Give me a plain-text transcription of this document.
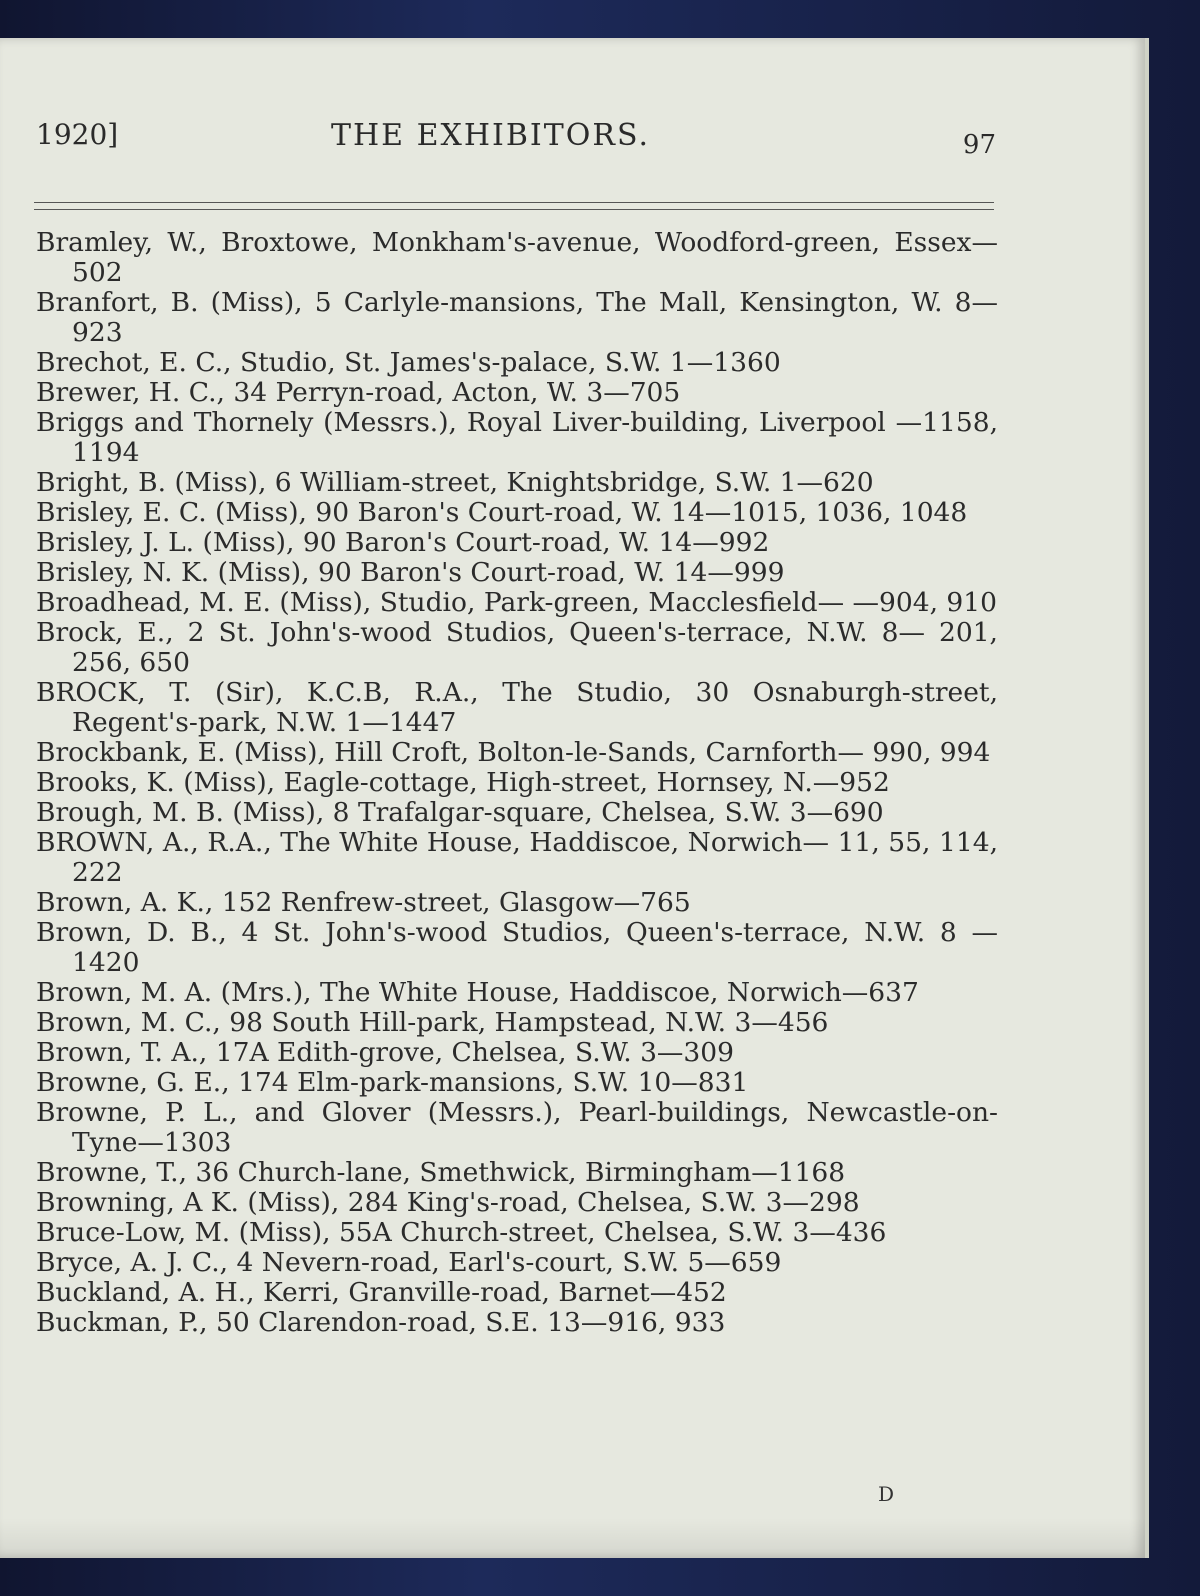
1920]	THE EXHIBITORS.	97

Bramley, W., Broxtowe, Monkham's-avenue, Woodford-green, Essex—502

Branfort, B. (Miss), 5 Carlyle-mansions, The Mall, Kensington, W. 8—923

Brechot, E. C., Studio, St. James's-palace, S.W. 1—1360

Brewer, H. C., 34 Perryn-road, Acton, W. 3—705

Briggs and Thornely (Messrs.), Royal Liver-building, Liverpool —1158, 1194

Bright, B. (Miss), 6 William-street, Knightsbridge, S.W. 1—620

Brisley, E. C. (Miss), 90 Baron's Court-road, W. 14—1015, 1036, 1048

Brisley, J. L. (Miss), 90 Baron's Court-road, W. 14—992

Brisley, N. K. (Miss), 90 Baron's Court-road, W. 14—999

Broadhead, M. E. (Miss), Studio, Park-green, Macclesfield— —904, 910

Brock, E., 2 St. John's-wood Studios, Queen's-terrace, N.W. 8— 201, 256, 650

BROCK, T. (Sir), K.C.B, R.A., The Studio, 30 Osnaburgh-street, Regent's-park, N.W. 1—1447

Brockbank, E. (Miss), Hill Croft, Bolton-le-Sands, Carnforth— 990, 994

Brooks, K. (Miss), Eagle-cottage, High-street, Hornsey, N.—952

Brough, M. B. (Miss), 8 Trafalgar-square, Chelsea, S.W. 3—690

BROWN, A., R.A., The White House, Haddiscoe, Norwich— 11, 55, 114, 222

Brown, A. K., 152 Renfrew-street, Glasgow—765

Brown, D. B., 4 St. John's-wood Studios, Queen's-terrace, N.W. 8 —1420

Brown, M. A. (Mrs.), The White House, Haddiscoe, Norwich—637

Brown, M. C., 98 South Hill-park, Hampstead, N.W. 3—456

Brown, T. A., 17A Edith-grove, Chelsea, S.W. 3—309

Browne, G. E., 174 Elm-park-mansions, S.W. 10—831

Browne, P. L., and Glover (Messrs.), Pearl-buildings, Newcastle-on-Tyne—1303

Browne, T., 36 Church-lane, Smethwick, Birmingham—1168

Browning, A K. (Miss), 284 King's-road, Chelsea, S.W. 3—298

Bruce-Low, M. (Miss), 55A Church-street, Chelsea, S.W. 3—436

Bryce, A. J. C., 4 Nevern-road, Earl's-court, S.W. 5—659

Buckland, A. H., Kerri, Granville-road, Barnet—452

Buckman, P., 50 Clarendon-road, S.E. 13—916, 933

D
